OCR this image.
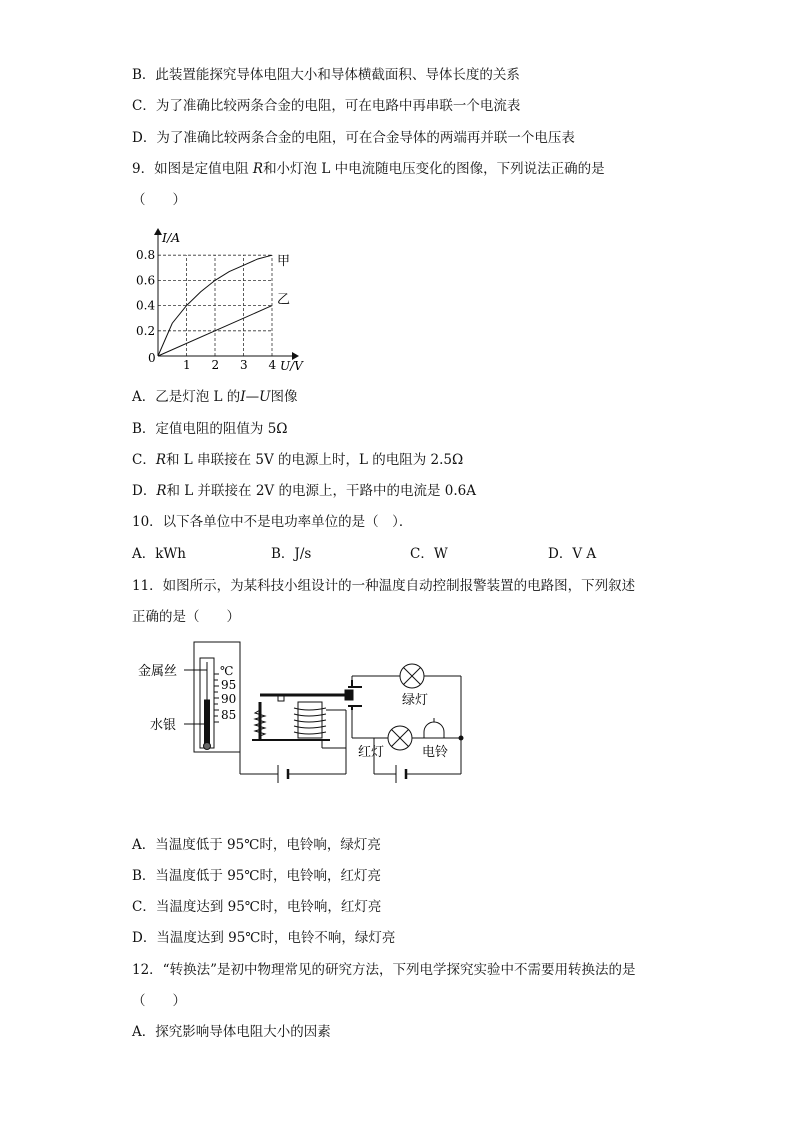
B．此装置能探究导体电阻大小和导体横截面积、导体长度的关系
C．为了准确比较两条合金的电阻，可在电路中再串联一个电流表
D．为了准确比较两条合金的电阻，可在合金导体的两端再并联一个电压表
9．如图是定值电阻 R和小灯泡 L 中电流随电压变化的图像，下列说法正确的是
（　　）
甲
乙
1 2 3 4
0.2
0.4
0.6
0.8
I/A
U/V
0
A．乙是灯泡 L 的I—U图像
B．定值电阻的阻值为 5Ω
C．R和 L 串联接在 5V 的电源上时，L 的电阻为 2.5Ω
D．R和 L 并联接在 2V 的电源上，干路中的电流是 0.6A
10．以下各单位中不是电功率单位的是（　）．
A．kWh	B．J/s	C．W	D．V A
11．如图所示，为某科技小组设计的一种温度自动控制报警装置的电路图，下列叙述
正确的是（　　）
金属丝
水银
℃
95
90
85
绿灯
红灯	电铃
A．当温度低于 95℃时，电铃响，绿灯亮
B．当温度低于 95℃时，电铃响，红灯亮
C．当温度达到 95℃时，电铃响，红灯亮
D．当温度达到 95℃时，电铃不响，绿灯亮
12．“转换法”是初中物理常见的研究方法，下列电学探究实验中不需要用转换法的是
（　　）
A．探究影响导体电阻大小的因素
